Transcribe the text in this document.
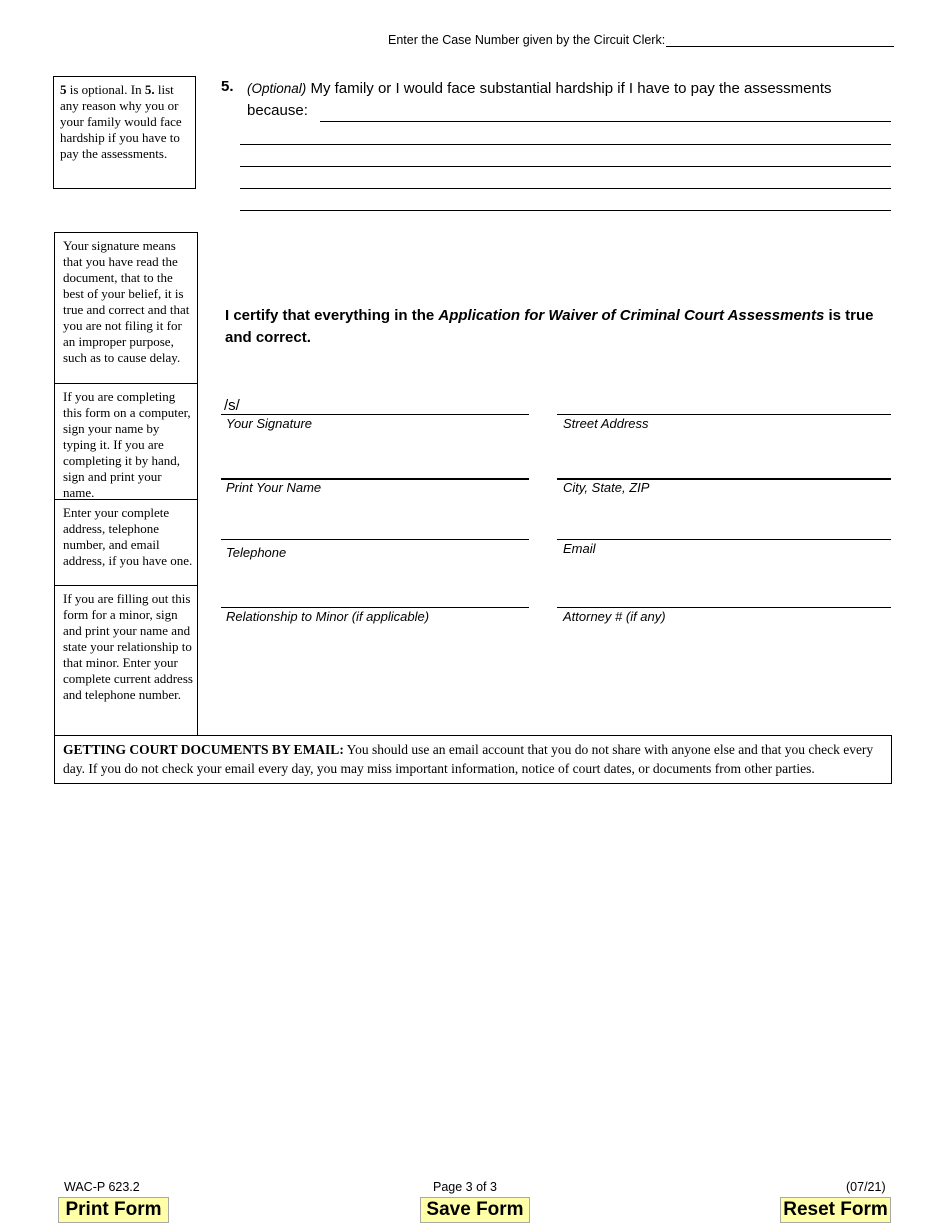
Enter the Case Number given by the Circuit Clerk:
5 is optional. In 5. list any reason why you or your family would face hardship if you have to pay the assessments.
5. (Optional) My family or I would face substantial hardship if I have to pay the assessments
because:
Your signature means that you have read the document, that to the best of your belief, it is true and correct and that you are not filing it for an improper purpose, such as to cause delay.
If you are completing this form on a computer, sign your name by typing it. If you are completing it by hand, sign and print your name.
Enter your complete address, telephone number, and email address, if you have one.
If you are filling out this form for a minor, sign and print your name and state your relationship to that minor. Enter your complete current address and telephone number.
I certify that everything in the Application for Waiver of Criminal Court Assessments is true and correct.
/s/
Your Signature	Street Address
Print Your Name	City, State, ZIP
Telephone	Email
Relationship to Minor (if applicable)	Attorney # (if any)
GETTING COURT DOCUMENTS BY EMAIL: You should use an email account that you do not share with anyone else and that you check every day. If you do not check your email every day, you may miss important information, notice of court dates, or documents from other parties.
WAC-P 623.2	Page 3 of 3	(07/21)
Print Form	Save Form	Reset Form
